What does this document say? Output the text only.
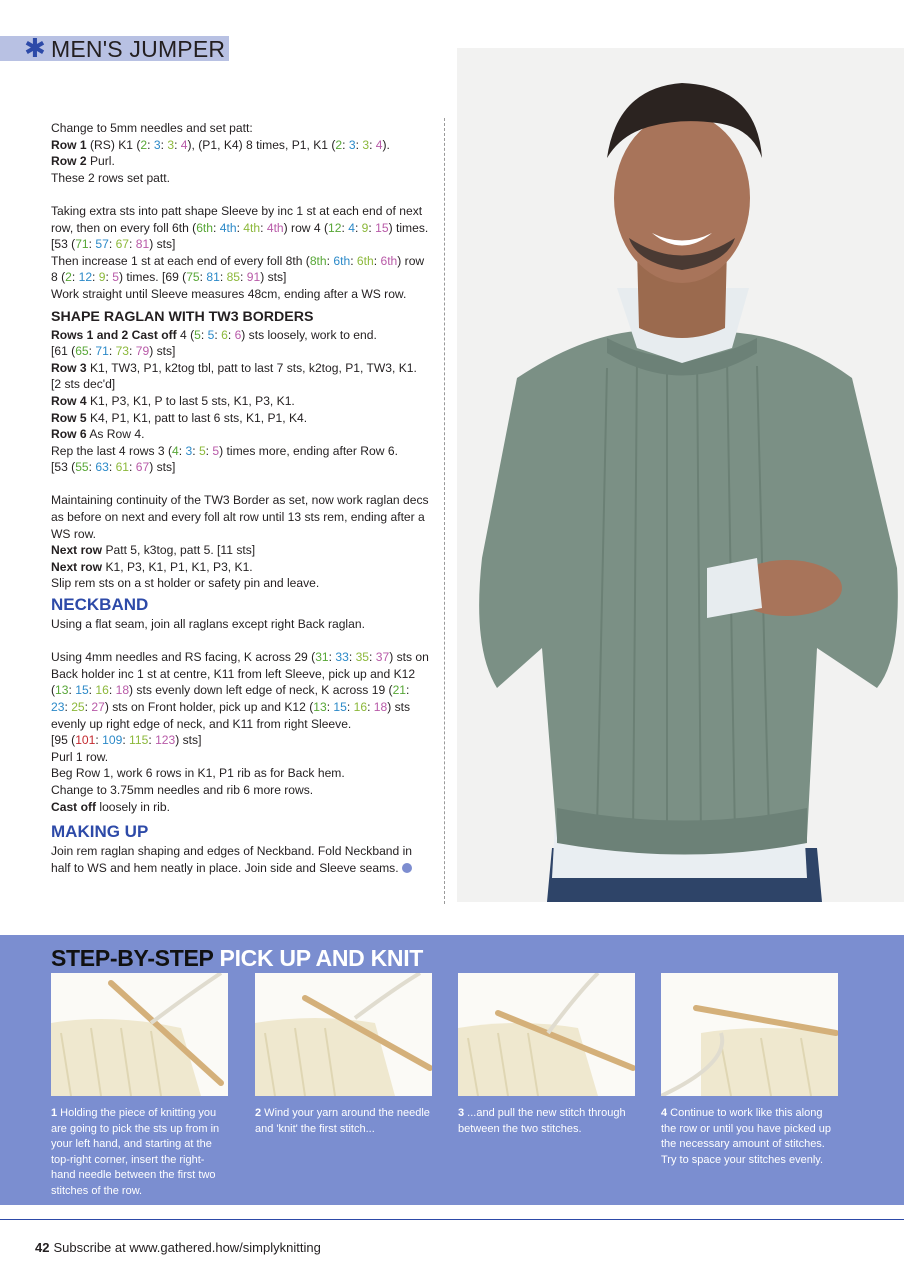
✱ MEN'S JUMPER

Change to 5mm needles and set patt:
Row 1 (RS) K1 (2: 3: 3: 4), (P1, K4) 8 times, P1, K1 (2: 3: 3: 4).
Row 2 Purl.
These 2 rows set patt.

Taking extra sts into patt shape Sleeve by inc 1 st at each end of next row, then on every foll 6th (6th: 4th: 4th: 4th) row 4 (12: 4: 9: 15) times. [53 (71: 57: 67: 81) sts]
Then increase 1 st at each end of every foll 8th (8th: 6th: 6th: 6th) row 8 (2: 12: 9: 5) times. [69 (75: 81: 85: 91) sts]
Work straight until Sleeve measures 48cm, ending after a WS row.

SHAPE RAGLAN WITH TW3 BORDERS

Rows 1 and 2 Cast off 4 (5: 5: 6: 6) sts loosely, work to end.
[61 (65: 71: 73: 79) sts]
Row 3 K1, TW3, P1, k2tog tbl, patt to last 7 sts, k2tog, P1, TW3, K1. [2 sts dec'd]
Row 4 K1, P3, K1, P to last 5 sts, K1, P3, K1.
Row 5 K4, P1, K1, patt to last 6 sts, K1, P1, K4.
Row 6 As Row 4.
Rep the last 4 rows 3 (4: 3: 5: 5) times more, ending after Row 6.
[53 (55: 63: 61: 67) sts]

Maintaining continuity of the TW3 Border as set, now work raglan decs as before on next and every foll alt row until 13 sts rem, ending after a WS row.
Next row Patt 5, k3tog, patt 5. [11 sts]
Next row K1, P3, K1, P1, K1, P3, K1.
Slip rem sts on a st holder or safety pin and leave.

NECKBAND

Using a flat seam, join all raglans except right Back raglan.

Using 4mm needles and RS facing, K across 29 (31: 33: 35: 37) sts on Back holder inc 1 st at centre, K11 from left Sleeve, pick up and K12 (13: 15: 16: 18) sts evenly down left edge of neck, K across 19 (21: 23: 25: 27) sts on Front holder, pick up and K12 (13: 15: 16: 18) sts evenly up right edge of neck, and K11 from right Sleeve.
[95 (101: 109: 115: 123) sts]
Purl 1 row.
Beg Row 1, work 6 rows in K1, P1 rib as for Back hem.
Change to 3.75mm needles and rib 6 more rows.
Cast off loosely in rib.

MAKING UP

Join rem raglan shaping and edges of Neckband. Fold Neckband in half to WS and hem neatly in place. Join side and Sleeve seams.

STEP-BY-STEP PICK UP AND KNIT
1 Holding the piece of knitting you are going to pick the sts up from in your left hand, and starting at the top-right corner, insert the right-hand needle between the first two stitches of the row.
2 Wind your yarn around the needle and 'knit' the first stitch...
3 ...and pull the new stitch through between the two stitches.
4 Continue to work like this along the row or until you have picked up the necessary amount of stitches. Try to space your stitches evenly.
42 Subscribe at www.gathered.how/simplyknitting
